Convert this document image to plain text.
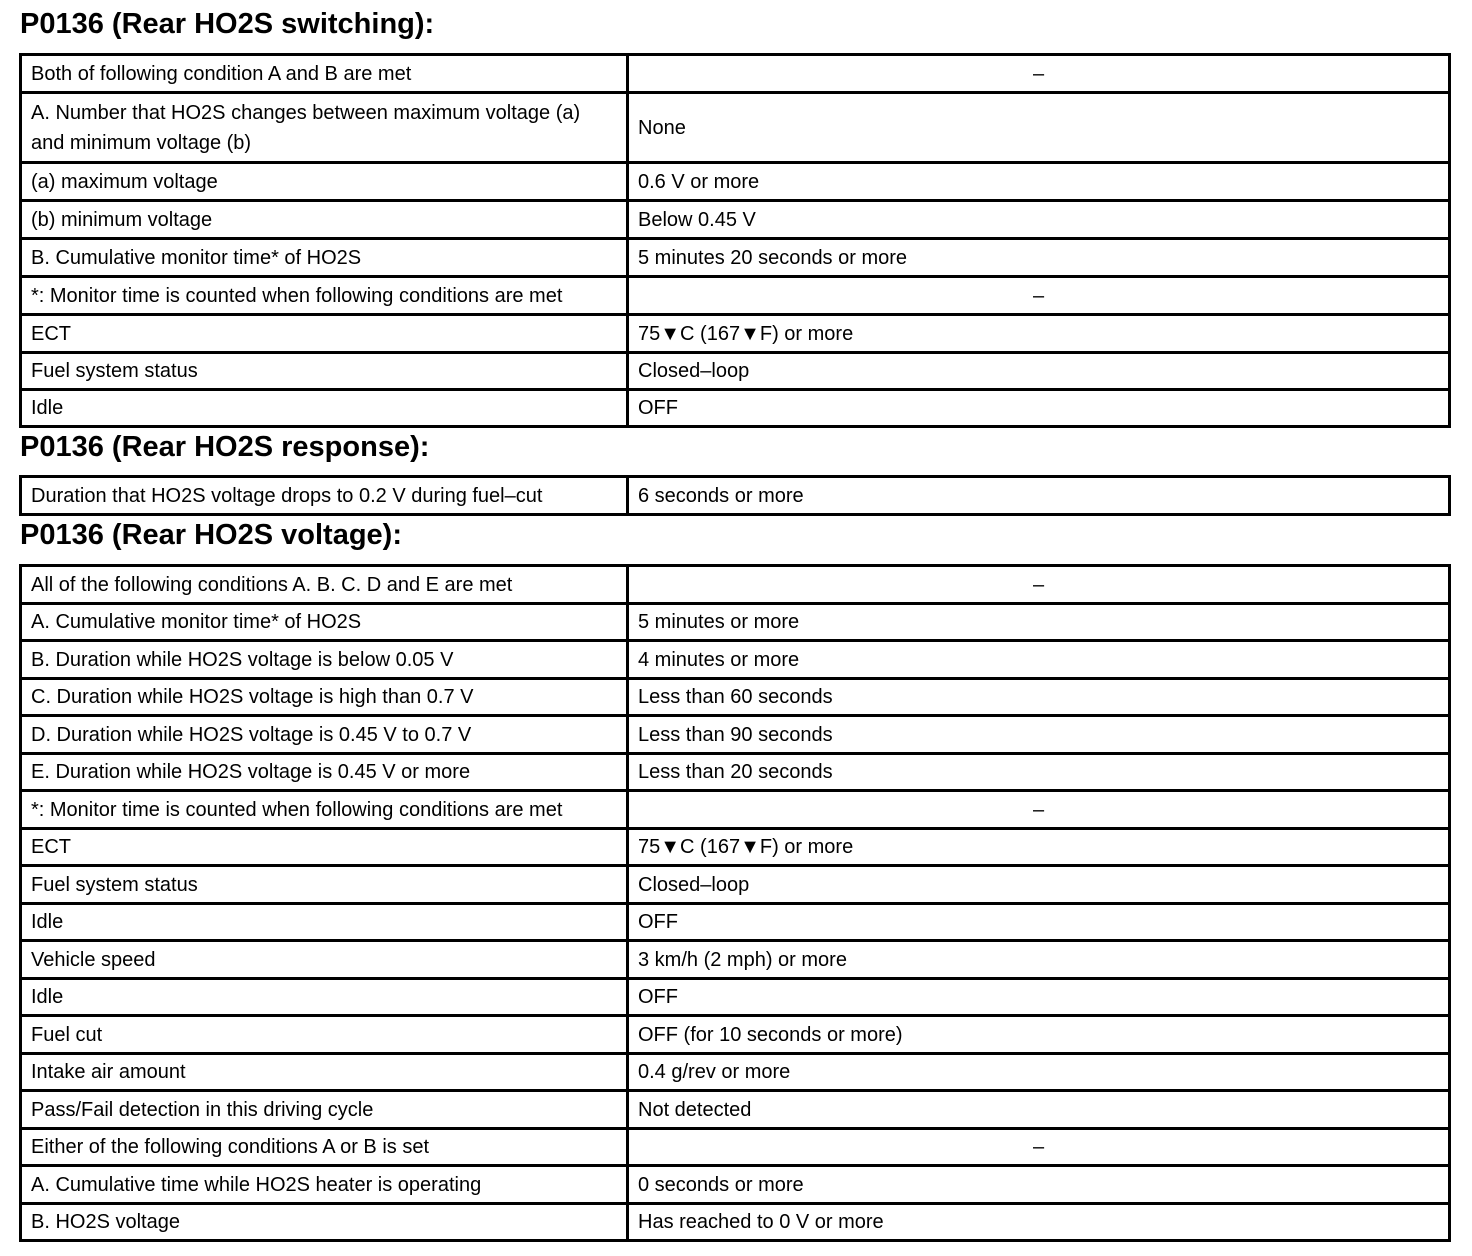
P0136 (Rear HO2S switching):
Both of following condition A and B are met	–
A. Number that HO2S changes between maximum voltage (a) and minimum voltage (b)	None
(a) maximum voltage	0.6 V or more
(b) minimum voltage	Below 0.45 V
B. Cumulative monitor time* of HO2S	5 minutes 20 seconds or more
*: Monitor time is counted when following conditions are met	–
ECT	75▼C (167▼F) or more
Fuel system status	Closed–loop
Idle	OFF
P0136 (Rear HO2S response):
Duration that HO2S voltage drops to 0.2 V during fuel–cut	6 seconds or more
P0136 (Rear HO2S voltage):
All of the following conditions A. B. C. D and E are met	–
A. Cumulative monitor time* of HO2S	5 minutes or more
B. Duration while HO2S voltage is below 0.05 V	4 minutes or more
C. Duration while HO2S voltage is high than 0.7 V	Less than 60 seconds
D. Duration while HO2S voltage is 0.45 V to 0.7 V	Less than 90 seconds
E. Duration while HO2S voltage is 0.45 V or more	Less than 20 seconds
*: Monitor time is counted when following conditions are met	–
ECT	75▼C (167▼F) or more
Fuel system status	Closed–loop
Idle	OFF
Vehicle speed	3 km/h (2 mph) or more
Idle	OFF
Fuel cut	OFF (for 10 seconds or more)
Intake air amount	0.4 g/rev or more
Pass/Fail detection in this driving cycle	Not detected
Either of the following conditions A or B is set	–
A. Cumulative time while HO2S heater is operating	0 seconds or more
B. HO2S voltage	Has reached to 0 V or more
